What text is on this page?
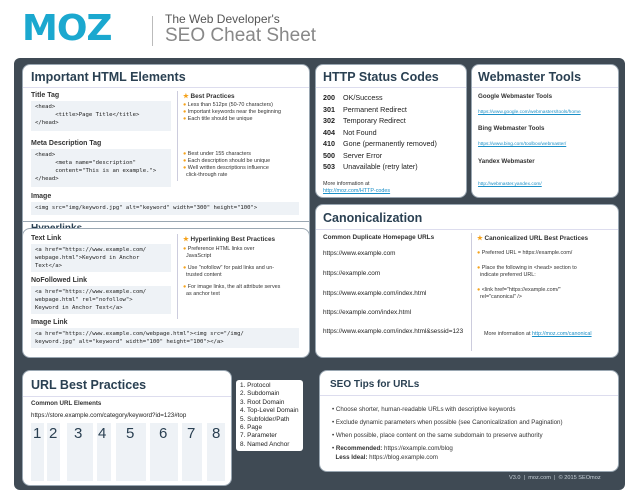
MOZ	The Web Developer's
SEO Cheat Sheet
Important HTML Elements
Title Tag
<head>
<title>Page Title</title>
</head>
★ Best Practices
● Less than 512px (50-70 characters)
● Important keywords near the beginning
● Each title should be unique
Meta Description Tag
<head>
<meta name="description"
content="This is an example.">
</head>
● Best under 155 characters
● Each description should be unique
● Well written descriptions influence
click-through rate
Image
<img src="img/keyword.jpg" alt="keyword" width="300" height="100">
Text Link
<a href="https://www.example.com/
webpage.html">Keyword in Anchor
Text</a>
★ Hyperlinking Best Practices
● Preference HTML links over
JavaScript
● Use "nofollow" for paid links and un-
trusted content
● For image links, the alt attribute serves
as anchor text
NoFollowed Link
<a href="https://www.example.com/
webpage.html" rel="nofollow">
Keyword in Anchor Text</a>
Image Link
<a href="https://www.example.com/webpage.html"><img src="/img/
keyword.jpg" alt="keyword" width="100" height="100"></a>
HTTP Status Codes
200 OK/Success
301 Permanent Redirect
302 Temporary Redirect
404 Not Found
410 Gone (permanently removed)
500 Server Error
503 Unavailable (retry later)
More information at
http://moz.com/HTTP-codes
Webmaster Tools
Google Webmaster Tools
https://www.google.com/webmasters/tools/home
Bing Webmaster Tools
https://www.bing.com/toolbox/webmaster/
Yandex Webmaster
http://webmaster.yandex.com/
Canonicalization
Common Duplicate Homepage URLs
https://www.example.com
https://example.com
https://www.example.com/index.html
https://example.com/index.html
https://www.example.com/index.html&sessid=123
★ Canonicalized URL Best Practices
● Preferred URL = https://example.com/
● Place the following in <head> section to
indicate preferred URL:
● <link href="https://example.com/"
rel="canonical" />
More information at http://moz.com/canonical
URL Best Practices
Common URL Elements
https://store.example.com/category/keyword?id=123#top
1 2 3 4 5 6 7 8
1. Protocol
2. Subdomain
3. Root Domain
4. Top-Level Domain
5. Subfolder/Path
6. Page
7. Parameter
8. Named Anchor
SEO Tips for URLs
• Choose shorter, human-readable URLs with descriptive keywords
• Exclude dynamic parameters when possible (see Canonicalization and Pagination)
• When possible, place content on the same subdomain to preserve authority
• Recommended: https://example.com/blog
Less Ideal: https://blog.example.com
V3.0  |  moz.com  |  © 2015 SEOmoz
